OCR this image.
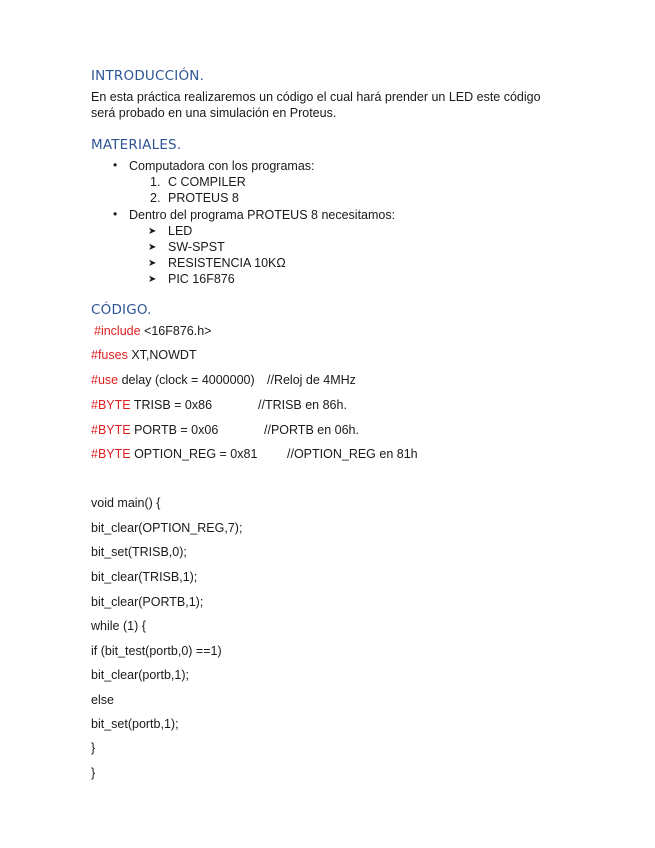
INTRODUCCIÓN.
En esta práctica realizaremos un código el cual hará prender un LED este código será probado en una simulación en Proteus.
MATERIALES.
• Computadora con los programas:
1. C COMPILER
2. PROTEUS 8
• Dentro del programa PROTEUS 8 necesitamos:
➤ LED
➤ SW-SPST
➤ RESISTENCIA 10KΩ
➤ PIC 16F876
CÓDIGO.
#include <16F876.h>
#fuses XT,NOWDT
#use delay (clock = 4000000) //Reloj de 4MHz
#BYTE TRISB = 0x86	//TRISB en 86h.
#BYTE PORTB = 0x06	//PORTB en 06h.
#BYTE OPTION_REG = 0x81 //OPTION_REG en 81h
void main() {
bit_clear(OPTION_REG,7);
bit_set(TRISB,0);
bit_clear(TRISB,1);
bit_clear(PORTB,1);
while (1) {
if (bit_test(portb,0) ==1)
bit_clear(portb,1);
else
bit_set(portb,1);
}
}
